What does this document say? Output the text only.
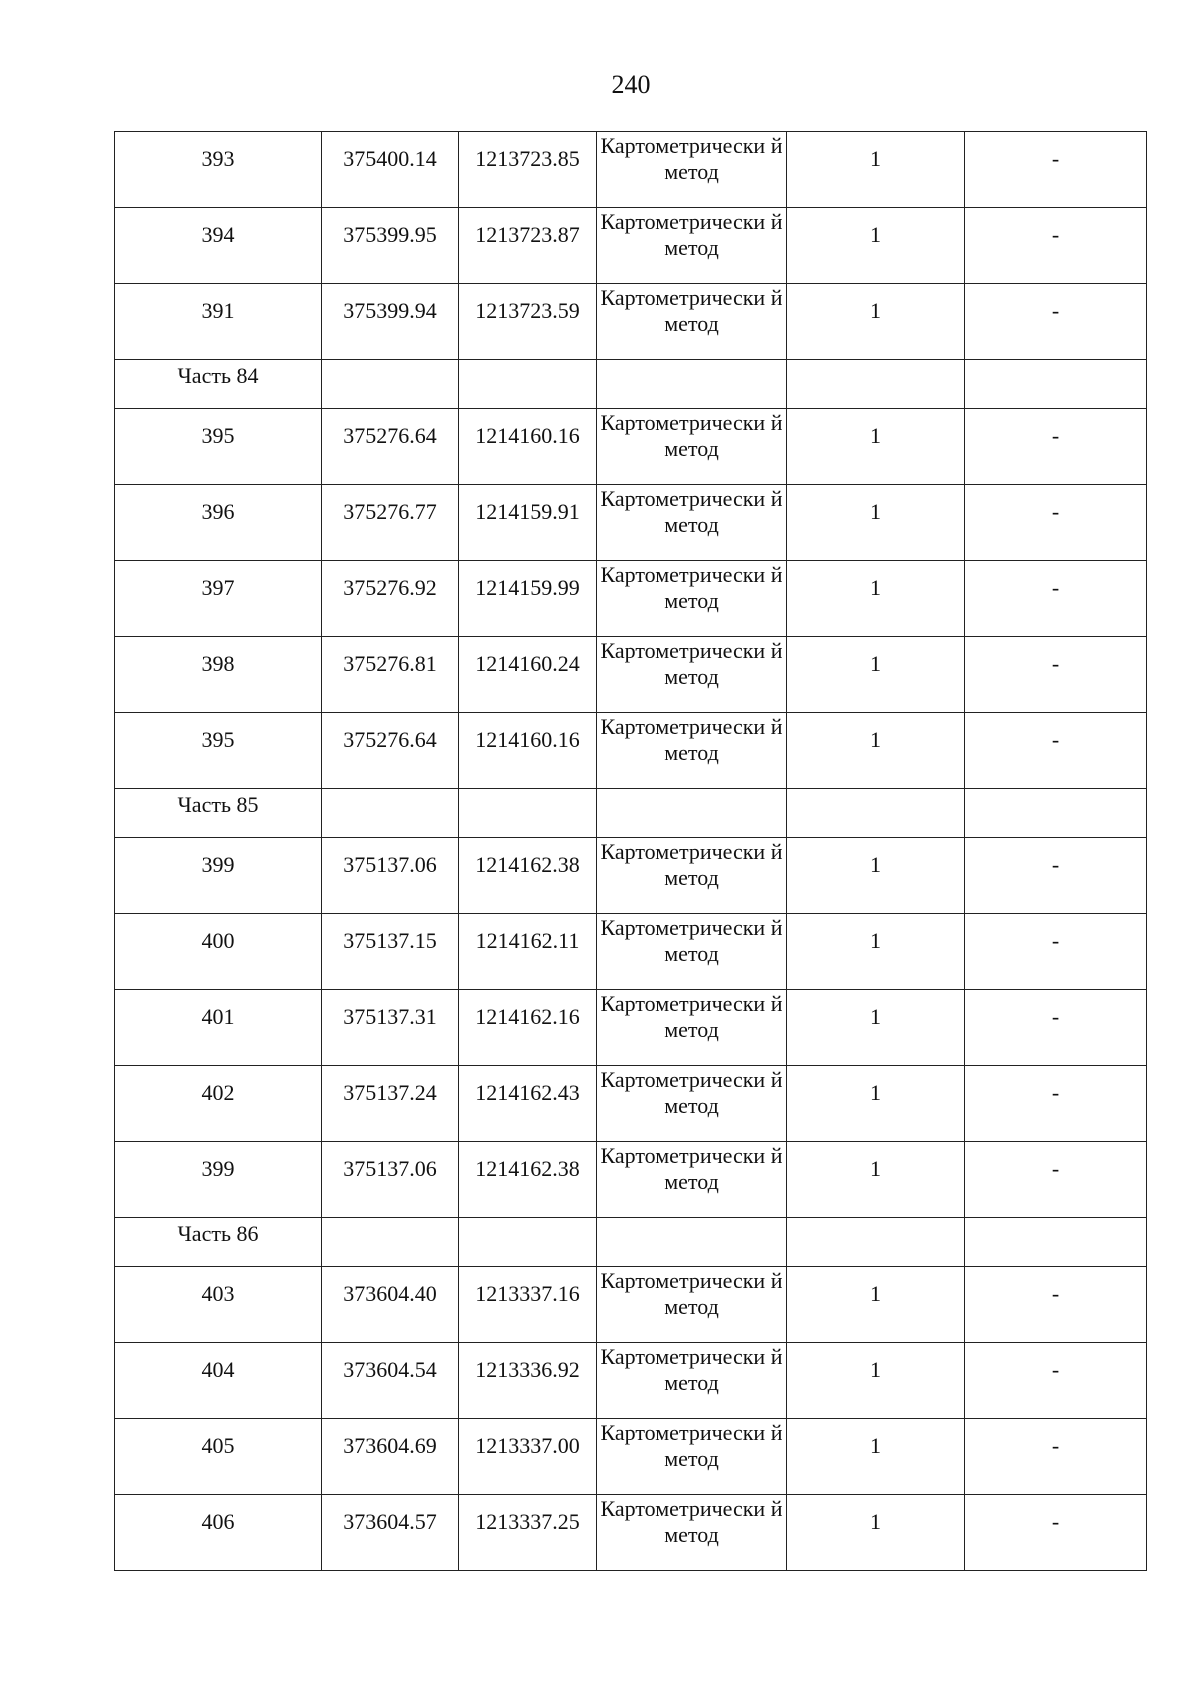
240
393	375400.14	1213723.85	Картометрически й метод	1	-
394	375399.95	1213723.87	Картометрически й метод	1	-
391	375399.94	1213723.59	Картометрически й метод	1	-
Часть 84					
395	375276.64	1214160.16	Картометрически й метод	1	-
396	375276.77	1214159.91	Картометрически й метод	1	-
397	375276.92	1214159.99	Картометрически й метод	1	-
398	375276.81	1214160.24	Картометрически й метод	1	-
395	375276.64	1214160.16	Картометрически й метод	1	-
Часть 85					
399	375137.06	1214162.38	Картометрически й метод	1	-
400	375137.15	1214162.11	Картометрически й метод	1	-
401	375137.31	1214162.16	Картометрически й метод	1	-
402	375137.24	1214162.43	Картометрически й метод	1	-
399	375137.06	1214162.38	Картометрически й метод	1	-
Часть 86					
403	373604.40	1213337.16	Картометрически й метод	1	-
404	373604.54	1213336.92	Картометрически й метод	1	-
405	373604.69	1213337.00	Картометрически й метод	1	-
406	373604.57	1213337.25	Картометрически й метод	1	-
